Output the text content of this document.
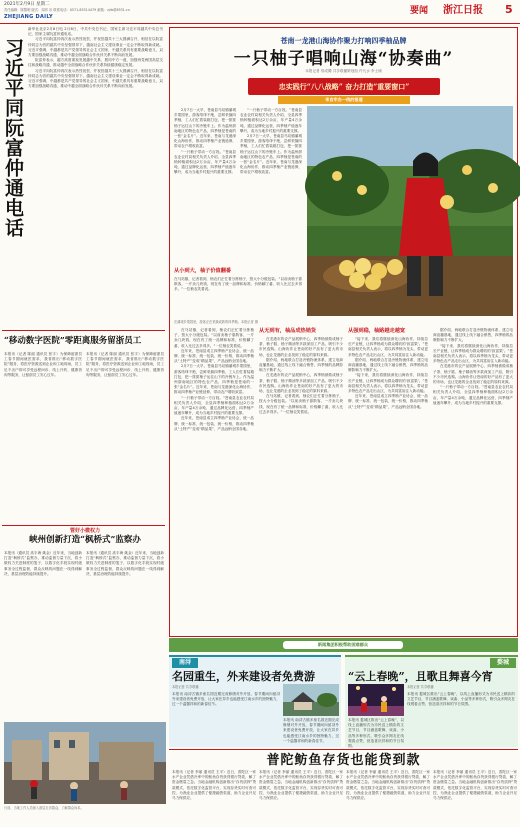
2021年2月9日 星期二
责任编辑：陈黎明 版式：周印 乐 联系电话：0571-85314479 邮箱：zjrb@8531.cn
ZHEJIANG DAILY
要闻 浙江日报 5
习近平同阮富仲通电话

新华社北京2月8日电 2月8日，中共中央总书记、国家主席习近平同越共中央总书记、国家主席阮富仲通电话。

习近平向阮富仲再次表示热烈祝贺，并祝贺越共十三大圆满召开，相信在以阮富仲同志为首的越共中央坚强领导下，越南社会主义建设事业一定会不断取得新成就。习近平强调，中越都是共产党领导的社会主义国家，中越关系具有重要战略意义，双方要加强战略沟通，推动中越全面战略合作伙伴关系不断向前发展。

阮富仲表示，越方高度重视发展越中关系，愿同中方一道，加强两党两国高层交往和战略沟通，推动越中全面战略合作伙伴关系持续健康稳定发展。

习近平向阮富仲再次表示热烈祝贺，并祝贺越共十三大圆满召开，相信在以阮富仲同志为首的越共中央坚强领导下，越南社会主义建设事业一定会不断取得新成就。习近平强调，中越都是共产党领导的社会主义国家，中越关系具有重要战略意义，双方要加强战略沟通，推动中越全面战略合作伙伴关系不断向前发展。

“移动数字医院”零距离服务留浙员工
本报讯（记者 陈丽 通讯员 张宇）为保障留浙员工春节期间就医需求，我省推出“移动数字医院”服务，将医疗资源送到企业和工地现场，员工足不出户即可享受远程问诊、线上开药、健康咨询等服务，让留浙员工安心过年。
本报讯（记者 陈丽 通讯员 张宇）为保障留浙员工春节期间就医需求，我省推出“移动数字医院”服务，将医疗资源送到企业和工地现场，员工足不出户即可享受远程问诊、线上开药、健康咨询等服务，让留浙员工安心过年。
管好小微权力
峡州创新打造“枫桥式”监察办
本报讯（通讯员 高丰海 姚金）近年来，当地创新打造“枫桥式”监察办，推动监督力量下沉，将小微权力关进制度的笼子，以数字化手段实现村级事务全过程监督，群众反映的问题在一线得到解决，基层治理效能持续提升。
本报讯（通讯员 高丰海 姚金）近年来，当地创新打造“枫桥式”监察办，推动监督力量下沉，将小微权力关进制度的笼子，以数字化手段实现村级事务全过程监督，群众反映的问题在一线得到解决，基层治理效能持续提升。
日前，当地工作人员深入基层走访群众，了解群众诉求。
苍南一龙港山海协作聚力打响四季柚品牌
一只柚子唱响山海“协奏曲”
本报记者 邬成腾 共享联播策划组 许凡水 李士倾
忠实践行“八八战略” 奋力打造“重要窗口”
来自牢办一线的报道

2月7日一大早，苍南县马站镇蒲城乡果园里，游客络绎不绝，尝鲜采摘四季柚，工人们忙着装箱打包，把一筐筐柚子运往山下的冷链车上。作为温州浙南地区的特色农产品，四季柚是苍南的一张“金名片”。近年来，苍南与龙港深化山海协作，推动四季柚产业链延伸，带动农户增收致富。

“一只柚子带动一方百姓。”苍南县农业农村局相关负责人介绍，全县四季柚种植面积达2万余亩，年产量4万余吨，通过品牌化运营，四季柚产值逐年攀升，成为当地乡村振兴的重要支撑。

“一只柚子带动一方百姓。”苍南县农业农村局相关负责人介绍，全县四季柚种植面积达2万余亩，年产量4万余吨，通过品牌化运营，四季柚产值逐年攀升，成为当地乡村振兴的重要支撑。

2月7日一大早，苍南县马站镇蒲城乡果园里，游客络绎不绝，尝鲜采摘四季柚，工人们忙着装箱打包，把一筐筐柚子运往山下的冷链车上。作为温州浙南地区的特色农产品，四季柚是苍南的一张“金名片”。近年来，苍南与龙港深化山海协作，推动四季柚产业链延伸，带动农户增收致富。

在蒲城乡果园里，游客正在采摘成熟的四季柚。本报记者 摄
从小到大，柚子价值翻番
在马站镇，记者看到，柚农们正忙着分拣柚子，按大小分级包装。“以前卖柚子靠散客，一斤卖几块钱，现在有了统一品牌和标准，价格翻了番，收入比过去多得多。”一位柚农笑着说。

在马站镇，记者看到，柚农们正忙着分拣柚子，按大小分级包装。“以前卖柚子靠散客，一斤卖几块钱，现在有了统一品牌和标准，价格翻了番，收入比过去多得多。”一位柚农笑着说。

近年来，苍南县成立四季柚产业协会，统一品牌、统一标准、统一包装、统一价格，推动四季柚从“土特产”变成“精品果”，产品远销全国各地。

2月7日一大早，苍南县马站镇蒲城乡果园里，游客络绎不绝，尝鲜采摘四季柚，工人们忙着装箱打包，把一筐筐柚子运往山下的冷链车上。作为温州浙南地区的特色农产品，四季柚是苍南的一张“金名片”。近年来，苍南与龙港深化山海协作，推动四季柚产业链延伸，带动农户增收致富。

“一只柚子带动一方百姓。”苍南县农业农村局相关负责人介绍，全县四季柚种植面积达2万余亩，年产量4万余吨，通过品牌化运营，四季柚产值逐年攀升，成为当地乡村振兴的重要支撑。

近年来，苍南县成立四季柚产业协会，统一品牌、统一标准、统一包装、统一价格，推动四季柚从“土特产”变成“精品果”，产品远销全国各地。

从无到有，柚品成热销货

在龙港市的农产品展销中心，四季柚被做成柚子茶、柚子糕、柚子精油等多款深加工产品，吸引不少市民选购。山海协作让苍南的好产品有了更大的市场，也让龙港的企业找到了稳定的原料来源。

据介绍，两地联合打造冷链物流体系，建立电商直播基地，通过线上线下融合销售，四季柚的品牌影响力不断扩大。

在龙港市的农产品展销中心，四季柚被做成柚子茶、柚子糕、柚子精油等多款深加工产品，吸引不少市民选购。山海协作让苍南的好产品有了更大的市场，也让龙港的企业找到了稳定的原料来源。

在马站镇，记者看到，柚农们正忙着分拣柚子，按大小分级包装。“以前卖柚子靠散客，一斤卖几块钱，现在有了统一品牌和标准，价格翻了番，收入比过去多得多。”一位柚农笑着说。

从强到稳，柚路越走越宽

“接下来，我们将继续深化山海协作，持续拉长产业链，让四季柚成为群众增收的‘致富果’。”苍南县相关负责人表示，将以四季柚为龙头，带动更多特色农产品走出山区，为共同富裕注入新动能。

据介绍，两地联合打造冷链物流体系，建立电商直播基地，通过线上线下融合销售，四季柚的品牌影响力不断扩大。

“接下来，我们将继续深化山海协作，持续拉长产业链，让四季柚成为群众增收的‘致富果’。”苍南县相关负责人表示，将以四季柚为龙头，带动更多特色农产品走出山区，为共同富裕注入新动能。

近年来，苍南县成立四季柚产业协会，统一品牌、统一标准、统一包装、统一价格，推动四季柚从“土特产”变成“精品果”，产品远销全国各地。

据介绍，两地联合打造冷链物流体系，建立电商直播基地，通过线上线下融合销售，四季柚的品牌影响力不断扩大。

“接下来，我们将继续深化山海协作，持续拉长产业链，让四季柚成为群众增收的‘致富果’。”苍南县相关负责人表示，将以四季柚为龙头，带动更多特色农产品走出山区，为共同富裕注入新动能。

在龙港市的农产品展销中心，四季柚被做成柚子茶、柚子糕、柚子精油等多款深加工产品，吸引不少市民选购。山海协作让苍南的好产品有了更大的市场，也让龙港的企业找到了稳定的原料来源。

“一只柚子带动一方百姓。”苍南县农业农村局相关负责人介绍，全县四季柚种植面积达2万余亩，年产量4万余吨，通过品牌化运营，四季柚产值逐年攀升，成为当地乡村振兴的重要支撑。

新闻集团积极帮助困难群众
南浔
名园重生，外来建设者免费游
本报记者 共享联播
本报讯 南浔古镇多座名园近期完成修缮对外开放，春节期间向留浔外来建设者免费开放，让大家在异乡也能感受江南水乡的独特魅力，过一个温馨祥和的新春佳节。
本报讯 南浔古镇多座名园近期完成修缮对外开放，春节期间向留浔外来建设者免费开放，让大家在异乡也能感受江南水乡的独特魅力，过一个温馨祥和的新春佳节。
婺城
“云上春晚”，且歌且舞喜今宵
本报记者 共享联播
本报讯 婺城区推出“云上春晚”，以线上直播形式为市民送上精彩的文艺节目，节目涵盖歌舞、戏曲、小品等多种形式，吸引众多网友在线观看点赞，营造喜庆祥和的节日氛围。
本报讯 婺城区推出“云上春晚”，以线上直播形式为市民送上精彩的文艺节目，节目涵盖歌舞、戏曲、小品等多种形式，吸引众多网友在线观看点赞，营造喜庆祥和的节日氛围。
普陀鲂鱼存货也能贷到款
本报讯（记者 李丽 通讯员 王平）近日，普陀区一家水产企业凭借冷库中的鲂鱼存货获得银行贷款，解了资金燃眉之急。当地金融机构创新推出“存货质押”贷款模式，依托数字化监管平台，实现存货实时可查可控，为渔业企业提供了便捷融资渠道，助力企业开足马力保供应。
本报讯（记者 李丽 通讯员 王平）近日，普陀区一家水产企业凭借冷库中的鲂鱼存货获得银行贷款，解了资金燃眉之急。当地金融机构创新推出“存货质押”贷款模式，依托数字化监管平台，实现存货实时可查可控，为渔业企业提供了便捷融资渠道，助力企业开足马力保供应。
本报讯（记者 李丽 通讯员 王平）近日，普陀区一家水产企业凭借冷库中的鲂鱼存货获得银行贷款，解了资金燃眉之急。当地金融机构创新推出“存货质押”贷款模式，依托数字化监管平台，实现存货实时可查可控，为渔业企业提供了便捷融资渠道，助力企业开足马力保供应。
本报讯（记者 李丽 通讯员 王平）近日，普陀区一家水产企业凭借冷库中的鲂鱼存货获得银行贷款，解了资金燃眉之急。当地金融机构创新推出“存货质押”贷款模式，依托数字化监管平台，实现存货实时可查可控，为渔业企业提供了便捷融资渠道，助力企业开足马力保供应。
